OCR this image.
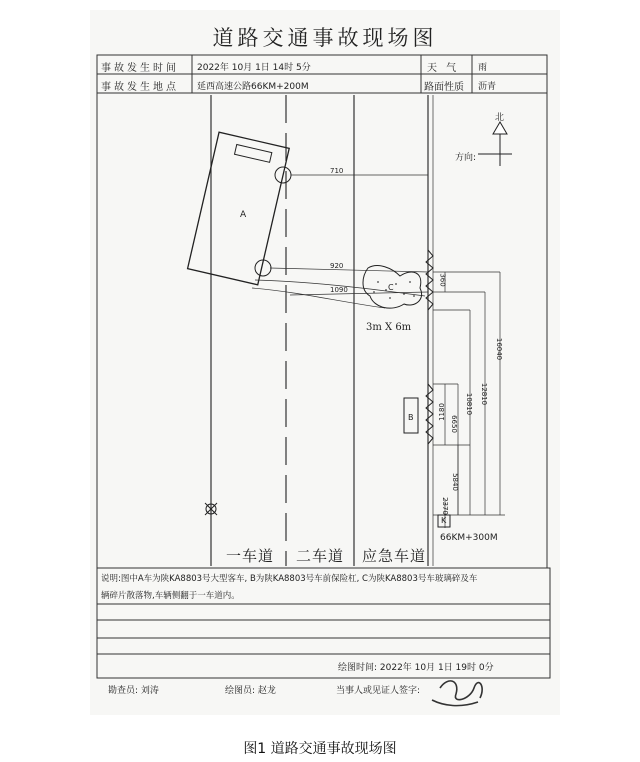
道路交通事故现场图
事故发生时间 2022年 10月 1日 14时 5分	天 气 雨
事故发生地点 延西高速公路66KM+200M	路面性质 沥青
北
方向:
A
B
C
3m X 6m
K
66KM+300M
710
920
1090
360
1180
6650
10810 12810
16040
5840
2370
一车道 二车道 应急车道
说明:图中A车为陕KA8803号大型客车, B为陕KA8803号车前保险杠, C为陕KA8803号车玻璃碎及车
辆碎片散落物,车辆侧翻于一车道内。
绘图时间: 2022年 10月 1日 19时 0分
勘查员: 刘涛	绘图员: 赵龙	当事人或见证人签字:
图1 道路交通事故现场图
